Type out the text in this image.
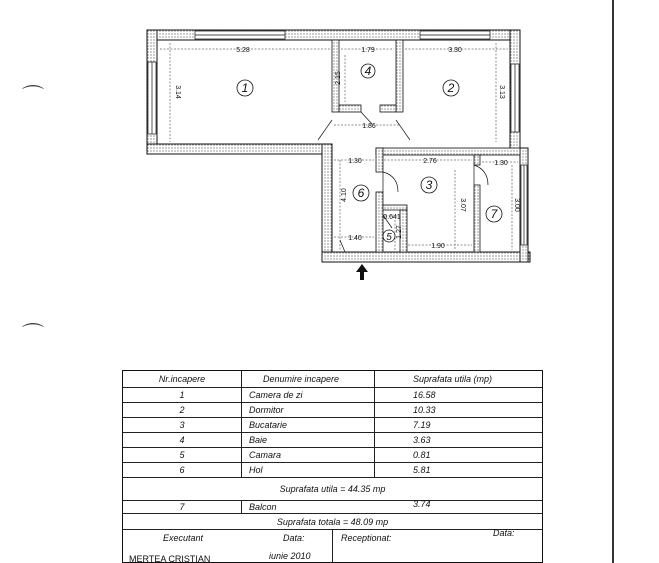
5.28
3.14
1.79
2.15
3.30
3.13
1.86
1.30
4.10
2.76
3.07
1.90
0.641
1.27
1.40
1.30
3.00
1	2
3
4
5
6
7
⌒
⌒
Nr.incapere	Denumire incapere	Suprafata utila (mp)
1	Camera de zi	16.58
2	Dormitor	10.33
3	Bucatarie	7.19
4	Baie	3.63
5	Camara	0.81
6	Hol	5.81
Suprafata utila = 44.35 mp
7	Balcon	3.74
Suprafata totala = 48.09 mp
Executant	Data:	Receptionat:	Data:
MERTEA CRISTIAN	iunie 2010
